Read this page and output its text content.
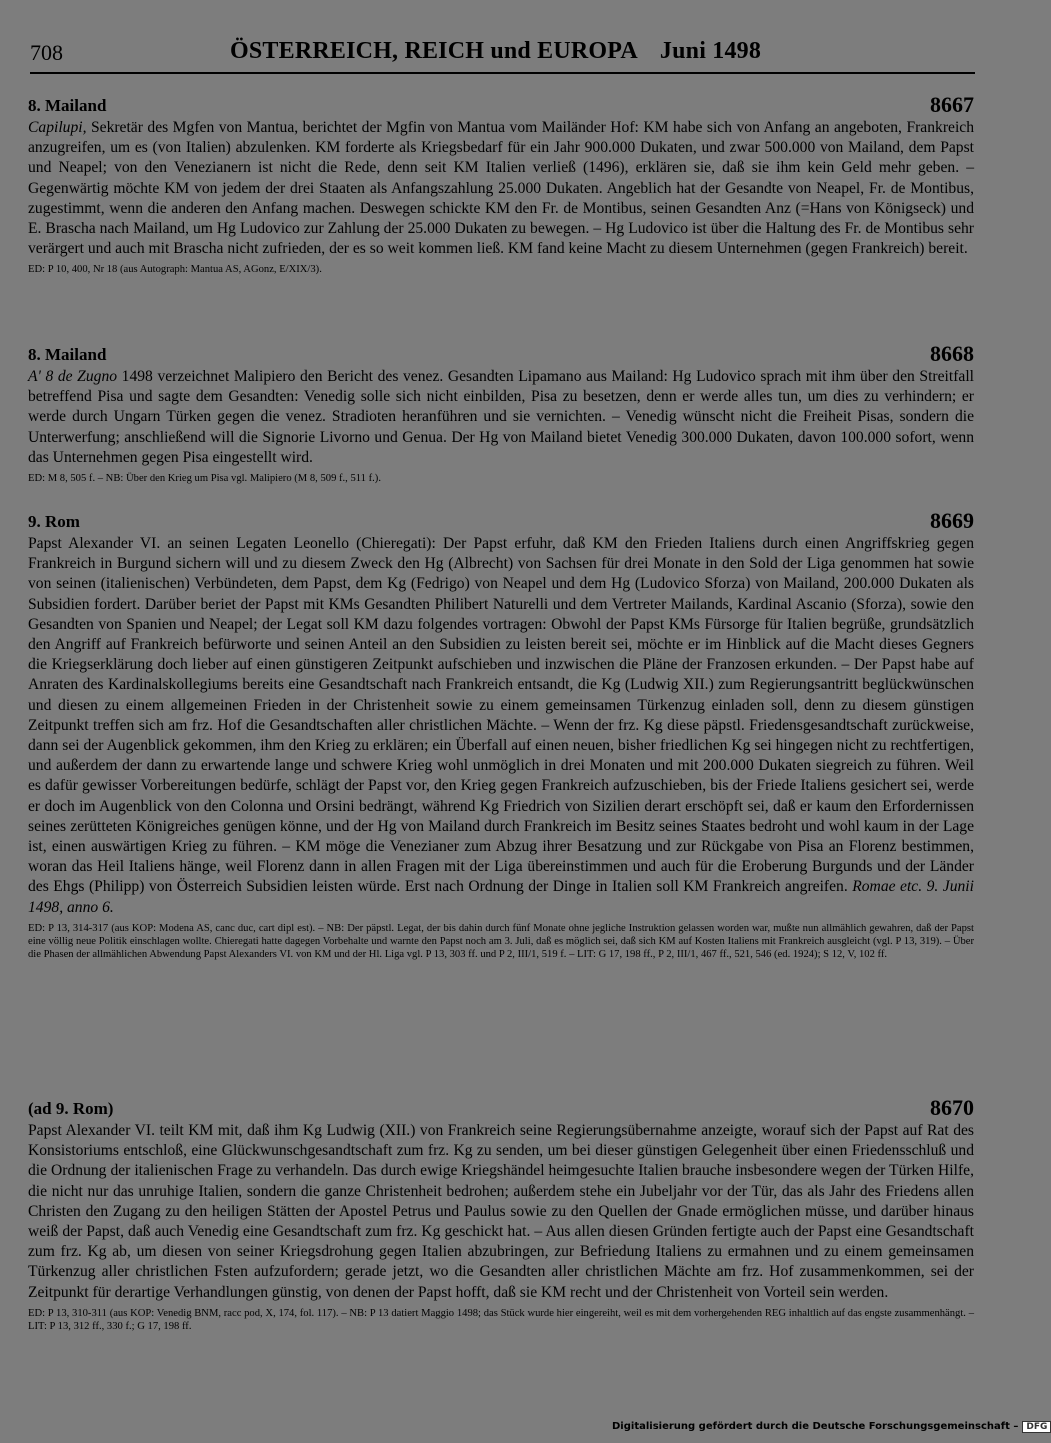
708	ÖSTERREICH, REICH und EUROPA Juni 1498
8. Mailand	8667

Capilupi, Sekretär des Mgfen von Mantua, berichtet der Mgfin von Mantua vom Mailänder Hof: KM habe sich von Anfang an angeboten, Frankreich anzugreifen, um es (von Italien) abzulenken. KM forderte als Kriegsbedarf für ein Jahr 900.000 Dukaten, und zwar 500.000 von Mailand, dem Papst und Neapel; von den Venezianern ist nicht die Rede, denn seit KM Italien verließ (1496), erklären sie, daß sie ihm kein Geld mehr geben. – Gegenwärtig möchte KM von jedem der drei Staaten als Anfangszahlung 25.000 Dukaten. Angeblich hat der Gesandte von Neapel, Fr. de Montibus, zugestimmt, wenn die anderen den Anfang machen. Deswegen schickte KM den Fr. de Montibus, seinen Gesandten Anz (=Hans von Königseck) und E. Brascha nach Mailand, um Hg Ludovico zur Zahlung der 25.000 Dukaten zu bewegen. – Hg Ludovico ist über die Haltung des Fr. de Montibus sehr verärgert und auch mit Brascha nicht zufrieden, der es so weit kommen ließ. KM fand keine Macht zu diesem Unternehmen (gegen Frankreich) bereit.

ED: P 10, 400, Nr 18 (aus Autograph: Mantua AS, AGonz, E/XIX/3).

8. Mailand	8668

A' 8 de Zugno 1498 verzeichnet Malipiero den Bericht des venez. Gesandten Lipamano aus Mailand: Hg Ludovico sprach mit ihm über den Streitfall betreffend Pisa und sagte dem Gesandten: Venedig solle sich nicht einbilden, Pisa zu besetzen, denn er werde alles tun, um dies zu verhindern; er werde durch Ungarn Türken gegen die venez. Stradioten heranführen und sie vernichten. – Venedig wünscht nicht die Freiheit Pisas, sondern die Unterwerfung; anschließend will die Signorie Livorno und Genua. Der Hg von Mailand bietet Venedig 300.000 Dukaten, davon 100.000 sofort, wenn das Unternehmen gegen Pisa eingestellt wird.

ED: M 8, 505 f. – NB: Über den Krieg um Pisa vgl. Malipiero (M 8, 509 f., 511 f.).

9. Rom	8669

Papst Alexander VI. an seinen Legaten Leonello (Chieregati): Der Papst erfuhr, daß KM den Frieden Italiens durch einen Angriffskrieg gegen Frankreich in Burgund sichern will und zu diesem Zweck den Hg (Albrecht) von Sachsen für drei Monate in den Sold der Liga genommen hat sowie von seinen (italienischen) Verbündeten, dem Papst, dem Kg (Fedrigo) von Neapel und dem Hg (Ludovico Sforza) von Mailand, 200.000 Dukaten als Subsidien fordert. Darüber beriet der Papst mit KMs Gesandten Philibert Naturelli und dem Vertreter Mailands, Kardinal Ascanio (Sforza), sowie den Gesandten von Spanien und Neapel; der Legat soll KM dazu folgendes vortragen: Obwohl der Papst KMs Fürsorge für Italien begrüße, grundsätzlich den Angriff auf Frankreich befürworte und seinen Anteil an den Subsidien zu leisten bereit sei, möchte er im Hinblick auf die Macht dieses Gegners die Kriegserklärung doch lieber auf einen günstigeren Zeitpunkt aufschieben und inzwischen die Pläne der Franzosen erkunden. – Der Papst habe auf Anraten des Kardinalskollegiums bereits eine Gesandtschaft nach Frankreich entsandt, die Kg (Ludwig XII.) zum Regierungsantritt beglückwünschen und diesen zu einem allgemeinen Frieden in der Christenheit sowie zu einem gemeinsamen Türkenzug einladen soll, denn zu diesem günstigen Zeitpunkt treffen sich am frz. Hof die Gesandtschaften aller christlichen Mächte. – Wenn der frz. Kg diese päpstl. Friedensgesandtschaft zurückweise, dann sei der Augenblick gekommen, ihm den Krieg zu erklären; ein Überfall auf einen neuen, bisher friedlichen Kg sei hingegen nicht zu rechtfertigen, und außerdem der dann zu erwartende lange und schwere Krieg wohl unmöglich in drei Monaten und mit 200.000 Dukaten siegreich zu führen. Weil es dafür gewisser Vorbereitungen bedürfe, schlägt der Papst vor, den Krieg gegen Frankreich aufzuschieben, bis der Friede Italiens gesichert sei, werde er doch im Augenblick von den Colonna und Orsini bedrängt, während Kg Friedrich von Sizilien derart erschöpft sei, daß er kaum den Erfordernissen seines zerütteten Königreiches genügen könne, und der Hg von Mailand durch Frankreich im Besitz seines Staates bedroht und wohl kaum in der Lage ist, einen auswärtigen Krieg zu führen. – KM möge die Venezianer zum Abzug ihrer Besatzung und zur Rückgabe von Pisa an Florenz bestimmen, woran das Heil Italiens hänge, weil Florenz dann in allen Fragen mit der Liga übereinstimmen und auch für die Eroberung Burgunds und der Länder des Ehgs (Philipp) von Österreich Subsidien leisten würde. Erst nach Ordnung der Dinge in Italien soll KM Frankreich angreifen. Romae etc. 9. Junii 1498, anno 6.

ED: P 13, 314-317 (aus KOP: Modena AS, canc duc, cart dipl est). – NB: Der päpstl. Legat, der bis dahin durch fünf Monate ohne jegliche Instruktion gelassen worden war, mußte nun allmählich gewahren, daß der Papst eine völlig neue Politik einschlagen wollte. Chieregati hatte dagegen Vorbehalte und warnte den Papst noch am 3. Juli, daß es möglich sei, daß sich KM auf Kosten Italiens mit Frankreich ausgleicht (vgl. P 13, 319). – Über die Phasen der allmählichen Abwendung Papst Alexanders VI. von KM und der Hl. Liga vgl. P 13, 303 ff. und P 2, III/1, 519 f. – LIT: G 17, 198 ff., P 2, III/1, 467 ff., 521, 546 (ed. 1924); S 12, V, 102 ff.

(ad 9. Rom)	8670

Papst Alexander VI. teilt KM mit, daß ihm Kg Ludwig (XII.) von Frankreich seine Regierungsübernahme anzeigte, worauf sich der Papst auf Rat des Konsistoriums entschloß, eine Glückwunschgesandtschaft zum frz. Kg zu senden, um bei dieser günstigen Gelegenheit über einen Friedensschluß und die Ordnung der italienischen Frage zu verhandeln. Das durch ewige Kriegshändel heimgesuchte Italien brauche insbesondere wegen der Türken Hilfe, die nicht nur das unruhige Italien, sondern die ganze Christenheit bedrohen; außerdem stehe ein Jubeljahr vor der Tür, das als Jahr des Friedens allen Christen den Zugang zu den heiligen Stätten der Apostel Petrus und Paulus sowie zu den Quellen der Gnade ermöglichen müsse, und darüber hinaus weiß der Papst, daß auch Venedig eine Gesandtschaft zum frz. Kg geschickt hat. – Aus allen diesen Gründen fertigte auch der Papst eine Gesandtschaft zum frz. Kg ab, um diesen von seiner Kriegsdrohung gegen Italien abzubringen, zur Befriedung Italiens zu ermahnen und zu einem gemeinsamen Türkenzug aller christlichen Fsten aufzufordern; gerade jetzt, wo die Gesandten aller christlichen Mächte am frz. Hof zusammenkommen, sei der Zeitpunkt für derartige Verhandlungen günstig, von denen der Papst hofft, daß sie KM recht und der Christenheit von Vorteil sein werden.

ED: P 13, 310-311 (aus KOP: Venedig BNM, racc pod, X, 174, fol. 117). – NB: P 13 datiert Maggio 1498; das Stück wurde hier eingereiht, weil es mit dem vorhergehenden REG inhaltlich auf das engste zusammenhängt. – LIT: P 13, 312 ff., 330 f.; G 17, 198 ff.

Digitalisierung gefördert durch die Deutsche Forschungsgemeinschaft – DFG
